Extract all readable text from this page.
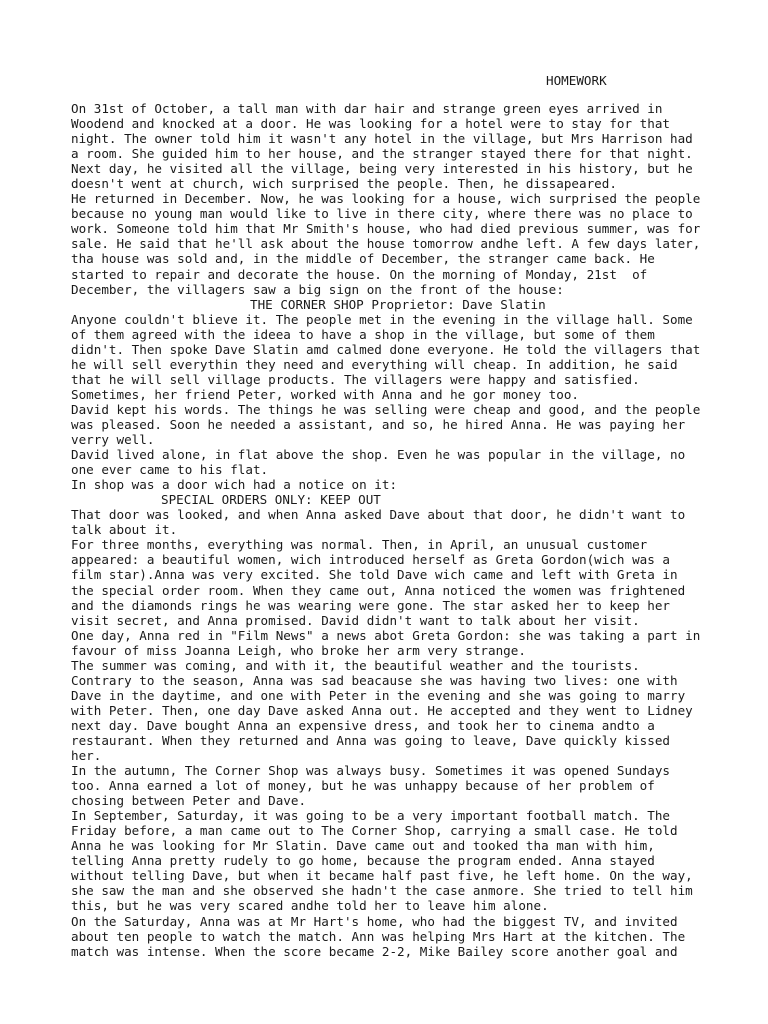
HOMEWORK
On 31st of October, a tall man with dar hair and strange green eyes arrived in
Woodend and knocked at a door. He was looking for a hotel were to stay for that
night. The owner told him it wasn't any hotel in the village, but Mrs Harrison had
a room. She guided him to her house, and the stranger stayed there for that night.
Next day, he visited all the village, being very interested in his history, but he
doesn't went at church, wich surprised the people. Then, he dissapeared.
He returned in December. Now, he was looking for a house, wich surprised the people
because no young man would like to live in there city, where there was no place to
work. Someone told him that Mr Smith's house, who had died previous summer, was for
sale. He said that he'll ask about the house tomorrow andhe left. A few days later,
tha house was sold and, in the middle of December, the stranger came back. He
started to repair and decorate the house. On the morning of Monday, 21st  of
December, the villagers saw a big sign on the front of the house:
THE CORNER SHOP Proprietor: Dave Slatin
Anyone couldn't blieve it. The people met in the evening in the village hall. Some
of them agreed with the ideea to have a shop in the village, but some of them
didn't. Then spoke Dave Slatin amd calmed done everyone. He told the villagers that
he will sell everythin they need and everything will cheap. In addition, he said
that he will sell village products. The villagers were happy and satisfied.
Sometimes, her friend Peter, worked with Anna and he gor money too.
David kept his words. The things he was selling were cheap and good, and the people
was pleased. Soon he needed a assistant, and so, he hired Anna. He was paying her
verry well.
David lived alone, in flat above the shop. Even he was popular in the village, no
one ever came to his flat.
In shop was a door wich had a notice on it:
SPECIAL ORDERS ONLY: KEEP OUT
That door was looked, and when Anna asked Dave about that door, he didn't want to
talk about it.
For three months, everything was normal. Then, in April, an unusual customer
appeared: a beautiful women, wich introduced herself as Greta Gordon(wich was a
film star).Anna was very excited. She told Dave wich came and left with Greta in
the special order room. When they came out, Anna noticed the women was frightened
and the diamonds rings he was wearing were gone. The star asked her to keep her
visit secret, and Anna promised. David didn't want to talk about her visit.
One day, Anna red in "Film News" a news abot Greta Gordon: she was taking a part in
favour of miss Joanna Leigh, who broke her arm very strange.
The summer was coming, and with it, the beautiful weather and the tourists.
Contrary to the season, Anna was sad beacause she was having two lives: one with
Dave in the daytime, and one with Peter in the evening and she was going to marry
with Peter. Then, one day Dave asked Anna out. He accepted and they went to Lidney
next day. Dave bought Anna an expensive dress, and took her to cinema andto a
restaurant. When they returned and Anna was going to leave, Dave quickly kissed
her.
In the autumn, The Corner Shop was always busy. Sometimes it was opened Sundays
too. Anna earned a lot of money, but he was unhappy because of her problem of
chosing between Peter and Dave.
In September, Saturday, it was going to be a very important football match. The
Friday before, a man came out to The Corner Shop, carrying a small case. He told
Anna he was looking for Mr Slatin. Dave came out and tooked tha man with him,
telling Anna pretty rudely to go home, because the program ended. Anna stayed
without telling Dave, but when it became half past five, he left home. On the way,
she saw the man and she observed she hadn't the case anmore. She tried to tell him
this, but he was very scared andhe told her to leave him alone.
On the Saturday, Anna was at Mr Hart's home, who had the biggest TV, and invited
about ten people to watch the match. Ann was helping Mrs Hart at the kitchen. The
match was intense. When the score became 2-2, Mike Bailey score another goal and
